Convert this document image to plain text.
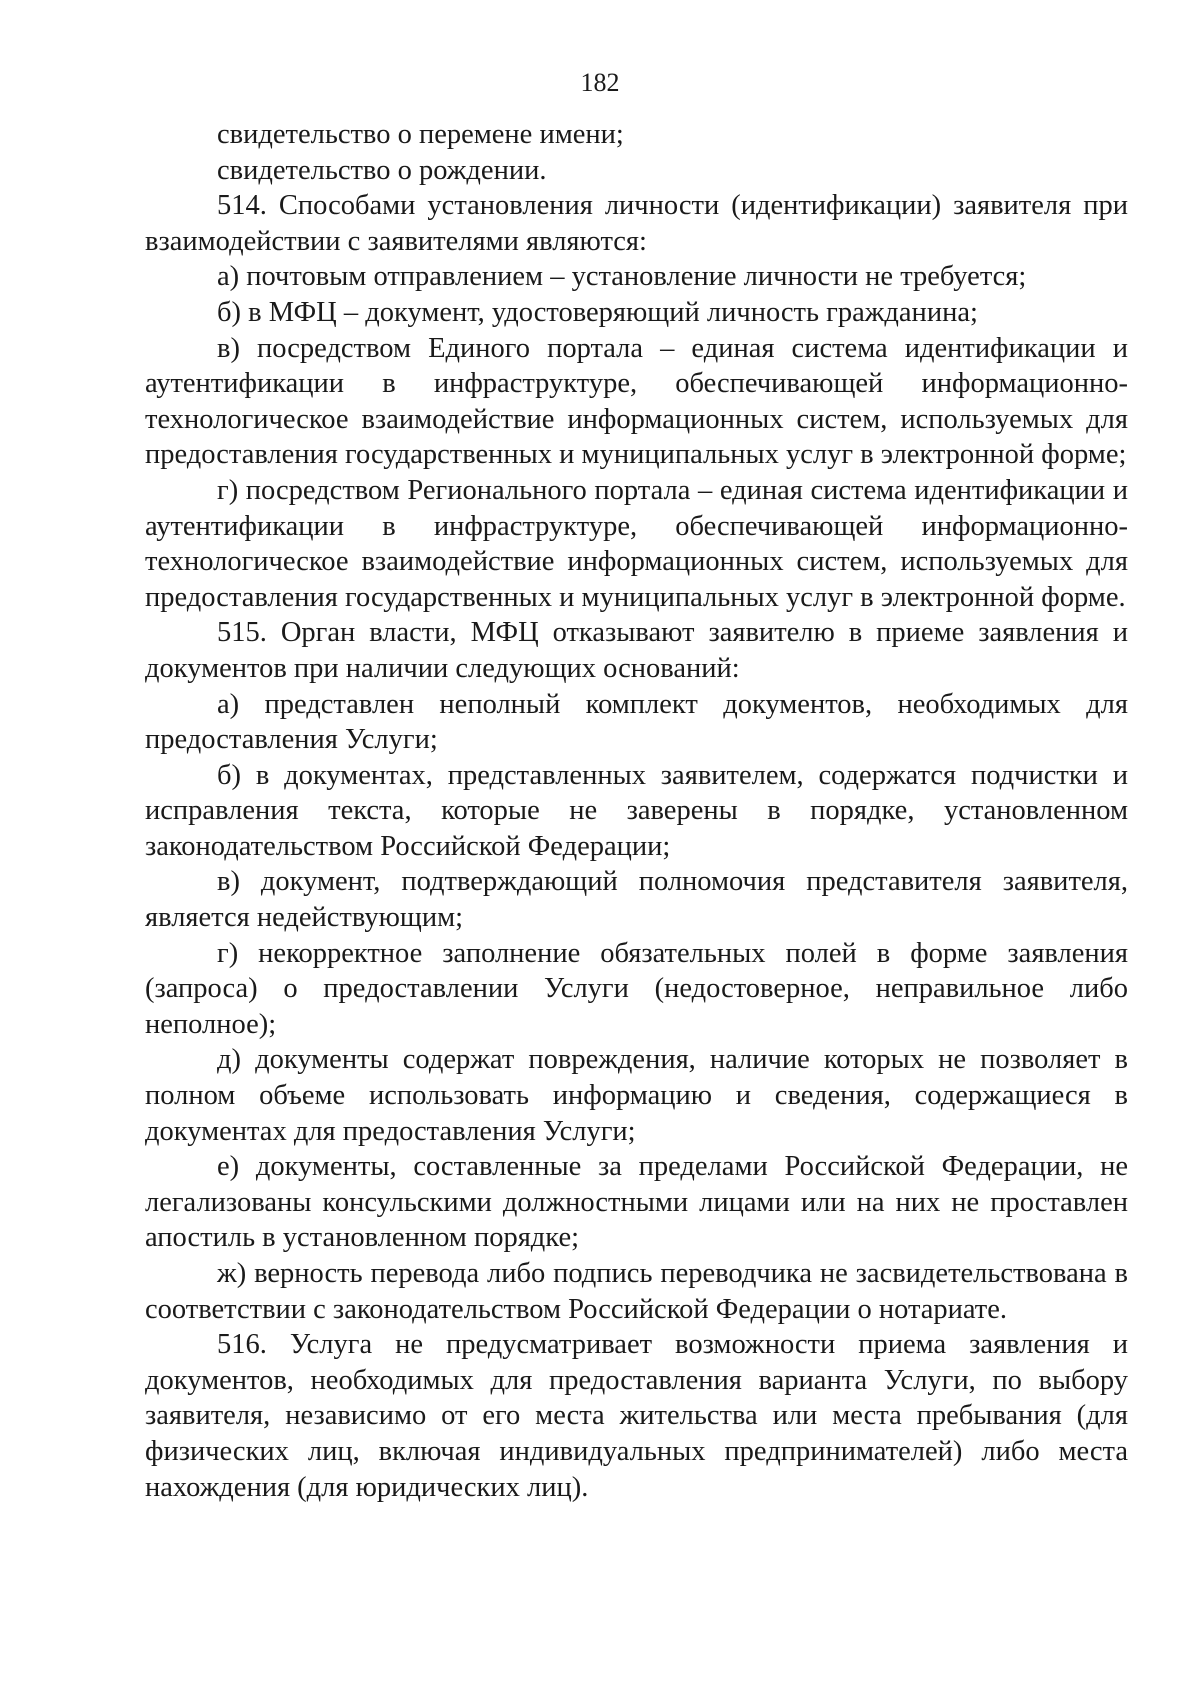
182

свидетельство о перемене имени;

свидетельство о рождении.

514. Способами установления личности (идентификации) заявителя при взаимодействии с заявителями являются:

а) почтовым отправлением – установление личности не требуется;

б) в МФЦ – документ, удостоверяющий личность гражданина;

в) посредством Единого портала – единая система идентификации и аутентификации в инфраструктуре, обеспечивающей информационно-технологическое взаимодействие информационных систем, используемых для предоставления государственных и муниципальных услуг в электронной форме;

г) посредством Регионального портала – единая система идентификации и аутентификации в инфраструктуре, обеспечивающей информационно-технологическое взаимодействие информационных систем, используемых для предоставления государственных и муниципальных услуг в электронной форме.

515. Орган власти, МФЦ отказывают заявителю в приеме заявления и документов при наличии следующих оснований:

а) представлен неполный комплект документов, необходимых для предоставления Услуги;

б) в документах, представленных заявителем, содержатся подчистки и исправления текста, которые не заверены в порядке, установленном законодательством Российской Федерации;

в) документ, подтверждающий полномочия представителя заявителя, является недействующим;

г) некорректное заполнение обязательных полей в форме заявления (запроса) о предоставлении Услуги (недостоверное, неправильное либо неполное);

д) документы содержат повреждения, наличие которых не позволяет в полном объеме использовать информацию и сведения, содержащиеся в документах для предоставления Услуги;

е) документы, составленные за пределами Российской Федерации, не легализованы консульскими должностными лицами или на них не проставлен апостиль в установленном порядке;

ж) верность перевода либо подпись переводчика не засвидетельствована в соответствии с законодательством Российской Федерации о нотариате.

516. Услуга не предусматривает возможности приема заявления и документов, необходимых для предоставления варианта Услуги, по выбору заявителя, независимо от его места жительства или места пребывания (для физических лиц, включая индивидуальных предпринимателей) либо места нахождения (для юридических лиц).
